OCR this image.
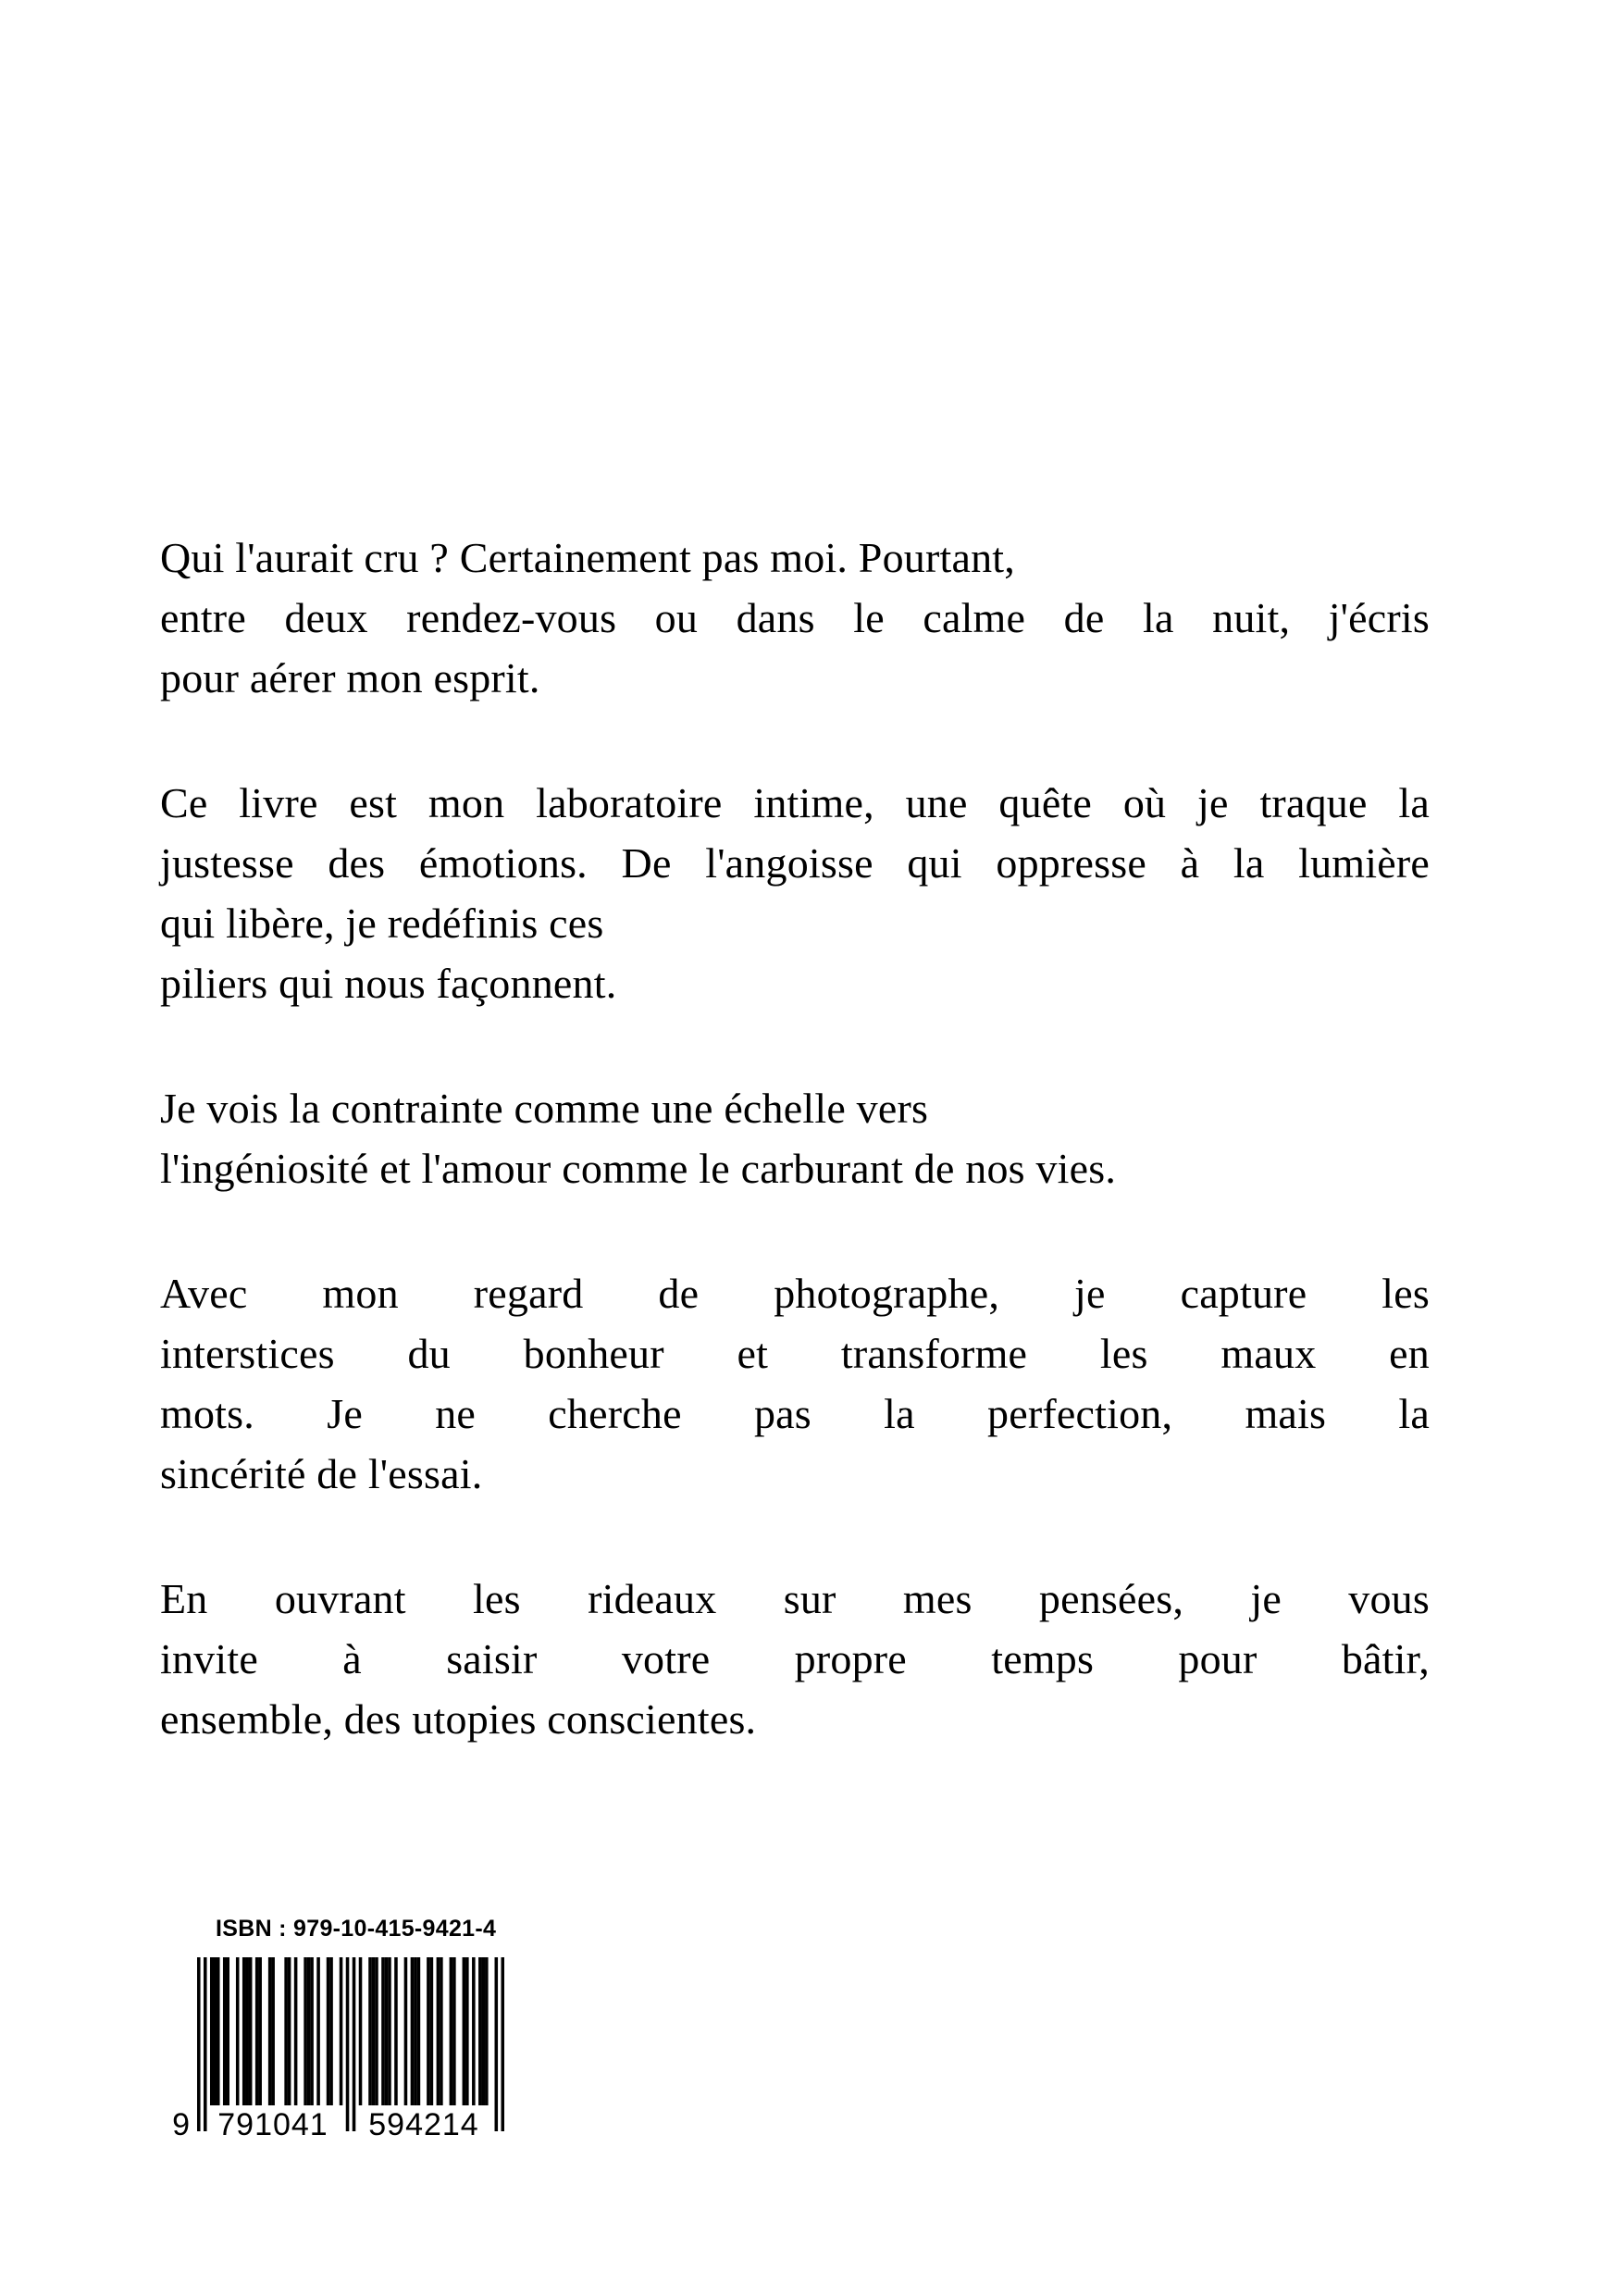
Qui l'aurait cru ? Certainement pas moi. Pourtant,
entre deux rendez-vous ou dans le calme de la nuit, j'écris
pour aérer mon esprit.

Ce livre est mon laboratoire intime, une quête où je traque la
justesse des émotions. De l'angoisse qui oppresse à la lumière
qui libère, je redéfinis ces
piliers qui nous façonnent.

Je vois la contrainte comme une échelle vers
l'ingéniosité et l'amour comme le carburant de nos vies.

Avec mon regard de photographe, je capture les
interstices du bonheur et transforme les maux en
mots. Je ne cherche pas la perfection, mais la
sincérité de l'essai.

En ouvrant les rideaux sur mes pensées, je vous
invite à saisir votre propre temps pour bâtir,
ensemble, des utopies conscientes.

ISBN : 979-10-415-9421-4
9 791041 594214
